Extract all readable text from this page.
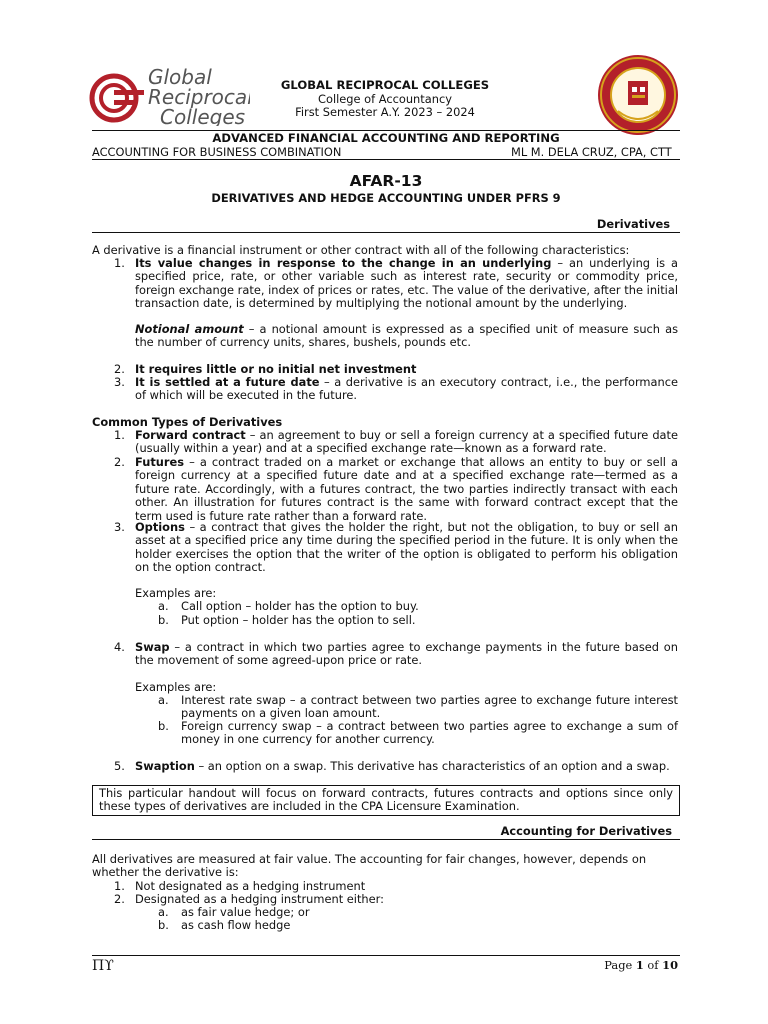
Global
Reciprocal
Colleges
GLOBAL RECIPROCAL COLLEGES
College of Accountancy
First Semester A.Y. 2023 – 2024
ADVANCED FINANCIAL ACCOUNTING AND REPORTING
ACCOUNTING FOR BUSINESS COMBINATION	ML M. DELA CRUZ, CPA, CTT
AFAR-13
DERIVATIVES AND HEDGE ACCOUNTING UNDER PFRS 9
Derivatives
A derivative is a financial instrument or other contract with all of the following characteristics:
1. Its value changes in response to the change in an underlying – an underlying is a specified price, rate, or other variable such as interest rate, security or commodity price, foreign exchange rate, index of prices or rates, etc. The value of the derivative, after the initial transaction date, is determined by multiplying the notional amount by the underlying.
Notional amount – a notional amount is expressed as a specified unit of measure such as the number of currency units, shares, bushels, pounds etc.
2. It requires little or no initial net investment
3. It is settled at a future date – a derivative is an executory contract, i.e., the performance of which will be executed in the future.
Common Types of Derivatives
1. Forward contract – an agreement to buy or sell a foreign currency at a specified future date (usually within a year) and at a specified exchange rate—known as a forward rate.
2. Futures – a contract traded on a market or exchange that allows an entity to buy or sell a foreign currency at a specified future date and at a specified exchange rate—termed as a future rate. Accordingly, with a futures contract, the two parties indirectly transact with each other. An illustration for futures contract is the same with forward contract except that the term used is future rate rather than a forward rate.
3. Options – a contract that gives the holder the right, but not the obligation, to buy or sell an asset at a specified price any time during the specified period in the future. It is only when the holder exercises the option that the writer of the option is obligated to perform his obligation on the option contract.
Examples are:
a. Call option – holder has the option to buy.
b. Put option – holder has the option to sell.
4. Swap – a contract in which two parties agree to exchange payments in the future based on the movement of some agreed-upon price or rate.
Examples are:
a. Interest rate swap – a contract between two parties agree to exchange future interest payments on a given loan amount.
b. Foreign currency swap – a contract between two parties agree to exchange a sum of money in one currency for another currency.
5. Swaption – an option on a swap. This derivative has characteristics of an option and a swap.
This particular handout will focus on forward contracts, futures contracts and options since only these types of derivatives are included in the CPA Licensure Examination.
Accounting for Derivatives
All derivatives are measured at fair value. The accounting for fair changes, however, depends on whether the derivative is:
1. Not designated as a hedging instrument
2. Designated as a hedging instrument either:
a. as fair value hedge; or
b. as cash flow hedge
Πϒ	Page 1 of 10
